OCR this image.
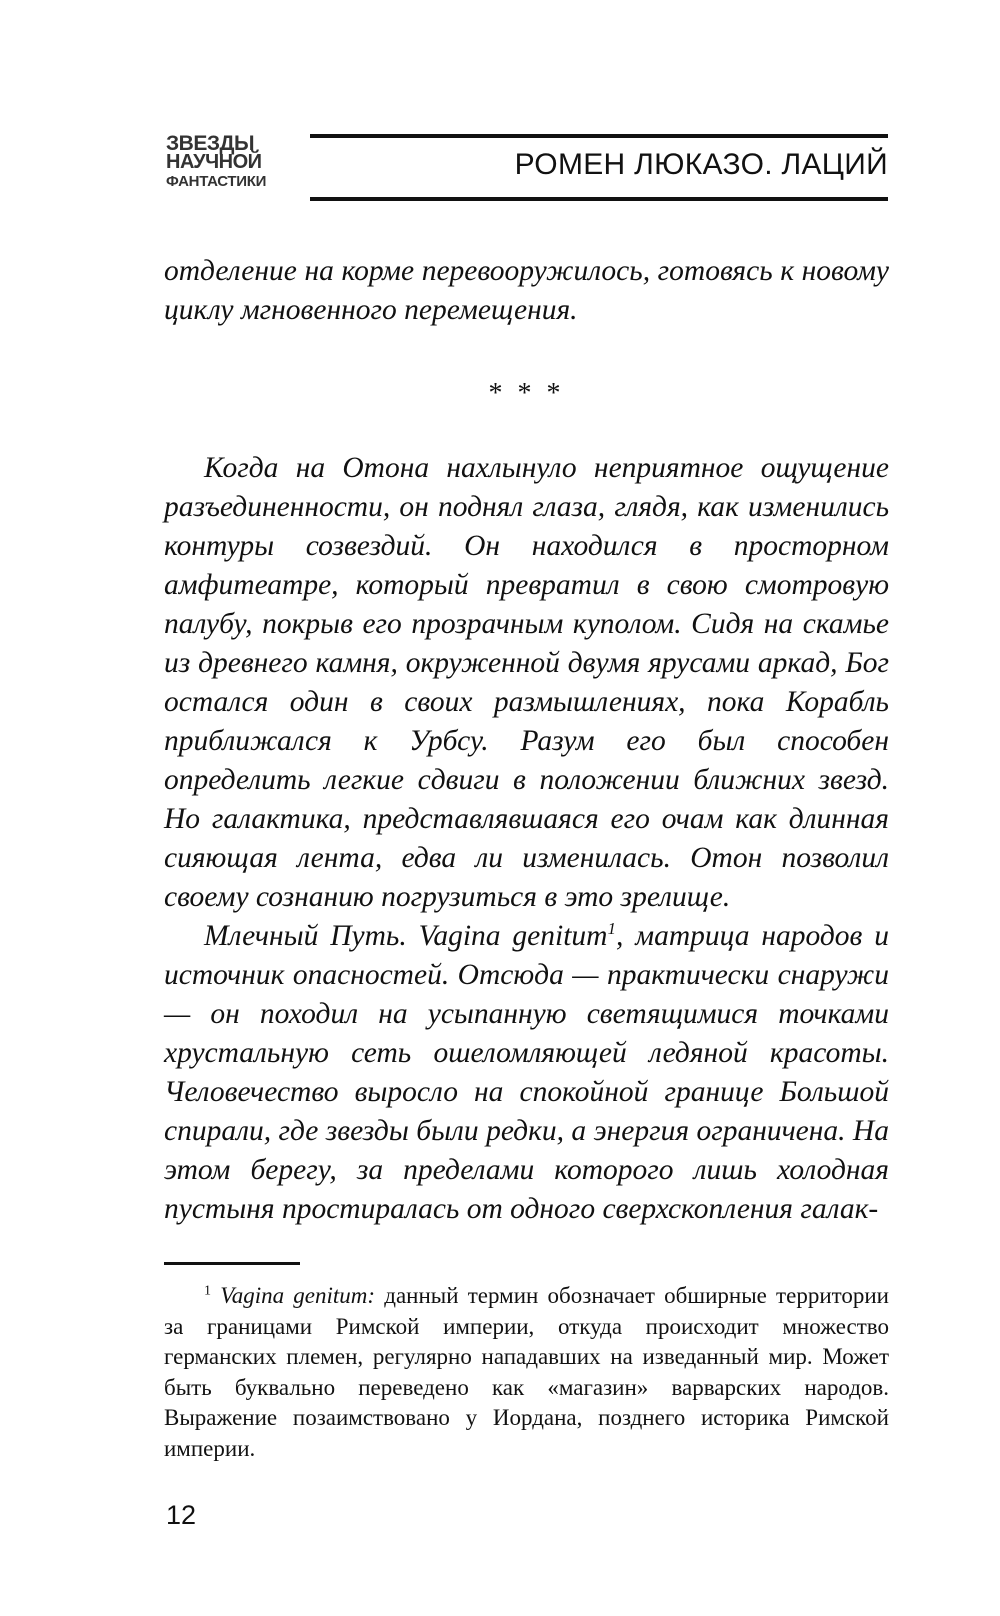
ЗВЕЗДЫ
НАУЧНОЙ
ФАНТАСТИКИ
РОМЕН ЛЮКАЗО. ЛАЦИЙ

отделение на корме перевооружилось, готовясь к новому циклу мгновенного перемещения.

* * *

Когда на Отона нахлынуло неприятное ощущение разъединенности, он поднял глаза, глядя, как изменились контуры созвездий. Он находился в просторном амфитеатре, который превратил в свою смотровую палубу, покрыв его прозрачным куполом. Сидя на скамье из древнего камня, окруженной двумя ярусами аркад, Бог остался один в своих размышлениях, пока Корабль приближался к Урбсу. Разум его был способен определить легкие сдвиги в положении ближних звезд. Но галактика, представлявшаяся его очам как длинная сияющая лента, едва ли изменилась. Отон позволил своему сознанию погрузиться в это зрелище.

Млечный Путь. Vagina genitum$^1$, матрица народов и источник опасностей. Отсюда — практически снаружи — он походил на усыпанную светящимися точками хрустальную сеть ошеломляющей ледяной красоты. Человечество выросло на спокойной границе Большой спирали, где звезды были редки, а энергия ограничена. На этом берегу, за пределами которого лишь холодная пустыня простиралась от одного сверхскопления галак-

$^1$ Vagina genitum: данный термин обозначает обширные территории за границами Римской империи, откуда происходит множество германских племен, регулярно нападавших на изведанный мир. Может быть буквально переведено как «магазин» варварских народов. Выражение позаимствовано у Иордана, позднего историка Римской империи.
12
